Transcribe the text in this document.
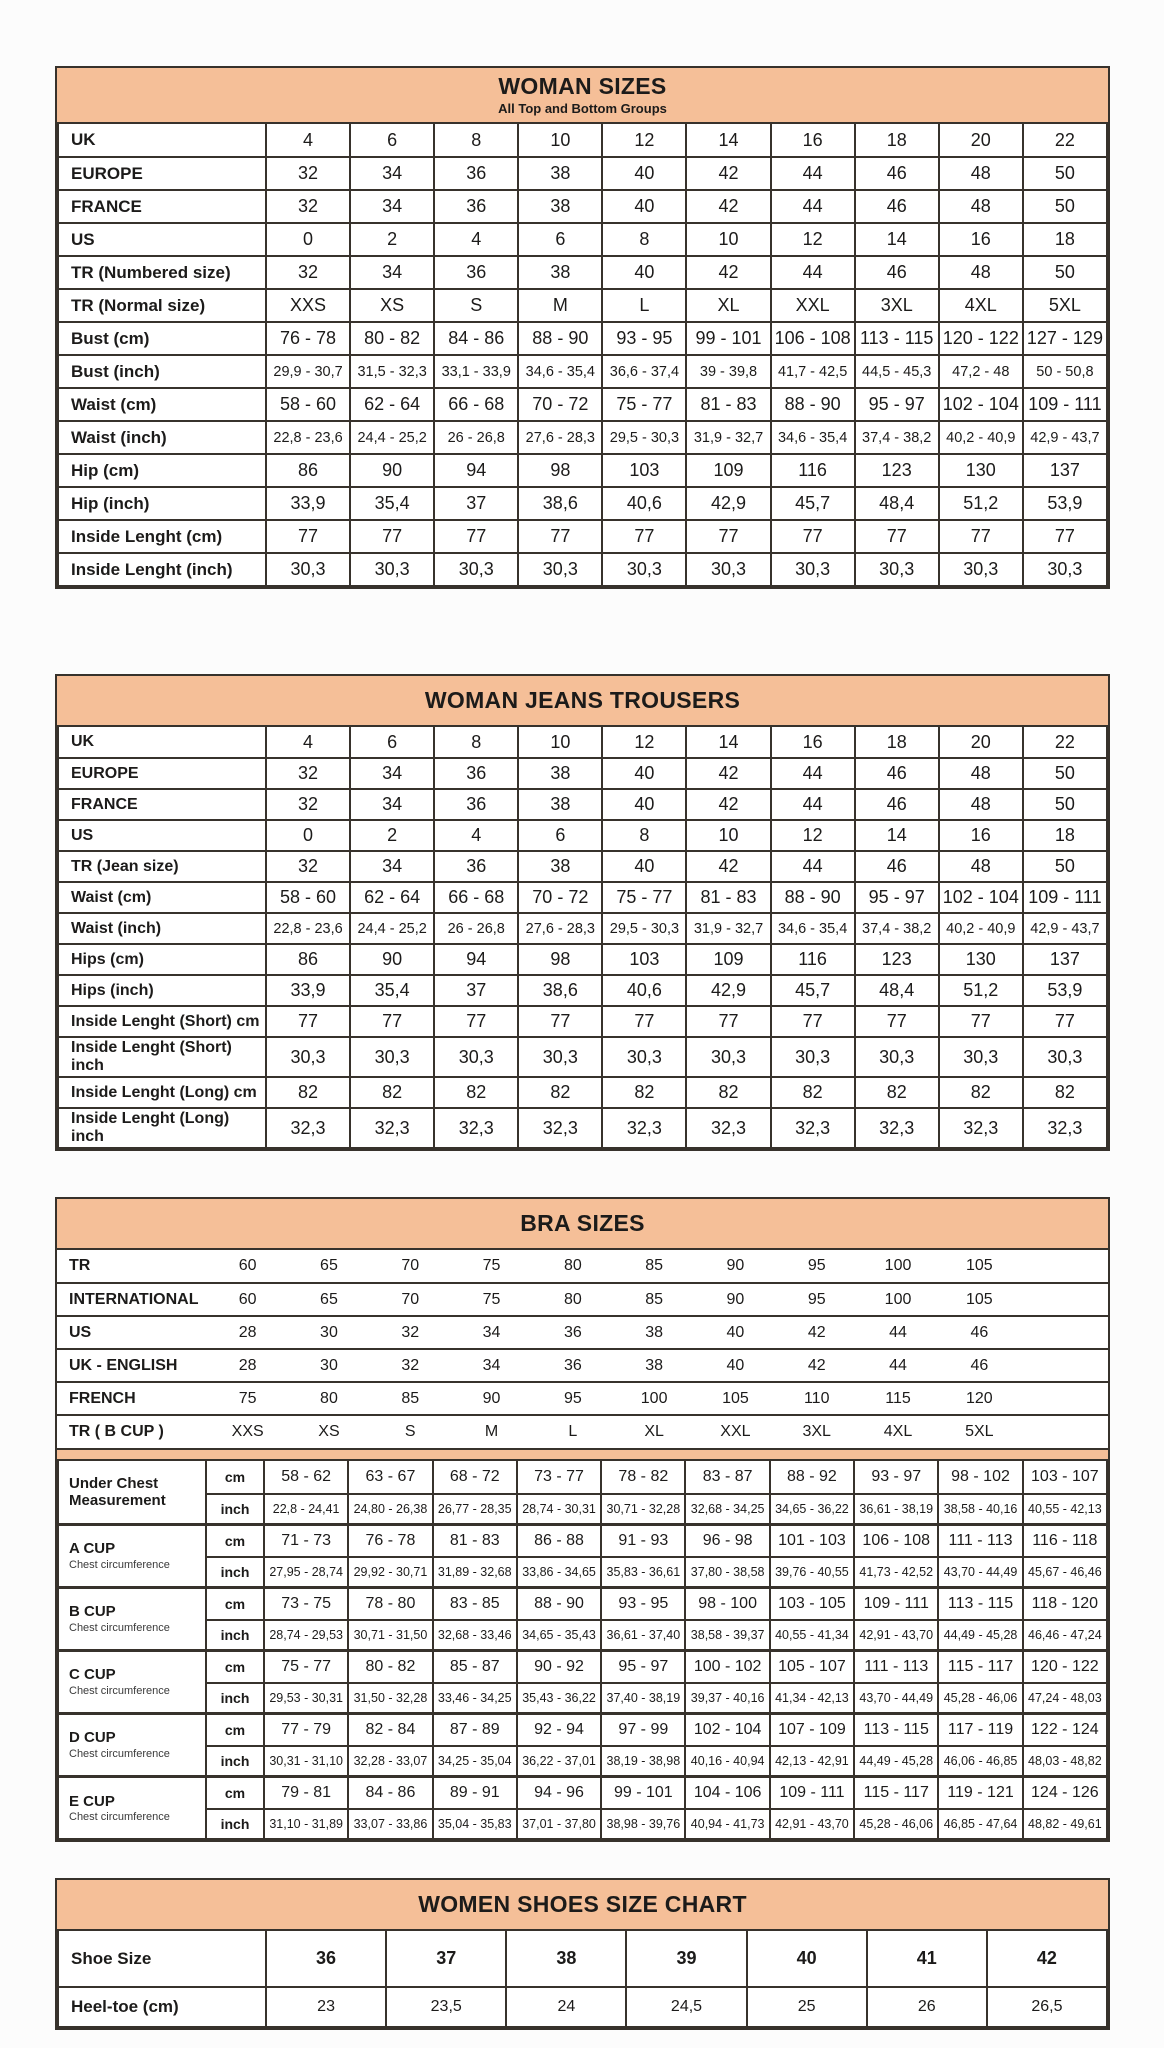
WOMAN SIZES
All Top and Bottom Groups
UK	4	6	8	10	12	14	16	18	20	22
EUROPE	32	34	36	38	40	42	44	46	48	50
FRANCE	32	34	36	38	40	42	44	46	48	50
US	0	2	4	6	8	10	12	14	16	18
TR (Numbered size)	32	34	36	38	40	42	44	46	48	50
TR (Normal size)	XXS	XS	S	M	L	XL	XXL	3XL	4XL	5XL
Bust (cm)	76 - 78	80 - 82	84 - 86	88 - 90	93 - 95	99 - 101	106 - 108	113 - 115	120 - 122	127 - 129
Bust (inch)	29,9 - 30,7	31,5 - 32,3	33,1 - 33,9	34,6 - 35,4	36,6 - 37,4	39 - 39,8	41,7 - 42,5	44,5 - 45,3	47,2 - 48	50 - 50,8
Waist (cm)	58 - 60	62 - 64	66 - 68	70 - 72	75 - 77	81 - 83	88 - 90	95 - 97	102 - 104	109 - 111
Waist (inch)	22,8 - 23,6	24,4 - 25,2	26 - 26,8	27,6 - 28,3	29,5 - 30,3	31,9 - 32,7	34,6 - 35,4	37,4 - 38,2	40,2 - 40,9	42,9 - 43,7
Hip (cm)	86	90	94	98	103	109	116	123	130	137
Hip (inch)	33,9	35,4	37	38,6	40,6	42,9	45,7	48,4	51,2	53,9
Inside Lenght (cm)	77	77	77	77	77	77	77	77	77	77
Inside Lenght (inch)	30,3	30,3	30,3	30,3	30,3	30,3	30,3	30,3	30,3	30,3
WOMAN JEANS TROUSERS
UK	4	6	8	10	12	14	16	18	20	22
EUROPE	32	34	36	38	40	42	44	46	48	50
FRANCE	32	34	36	38	40	42	44	46	48	50
US	0	2	4	6	8	10	12	14	16	18
TR (Jean size)	32	34	36	38	40	42	44	46	48	50
Waist (cm)	58 - 60	62 - 64	66 - 68	70 - 72	75 - 77	81 - 83	88 - 90	95 - 97	102 - 104	109 - 111
Waist (inch)	22,8 - 23,6	24,4 - 25,2	26 - 26,8	27,6 - 28,3	29,5 - 30,3	31,9 - 32,7	34,6 - 35,4	37,4 - 38,2	40,2 - 40,9	42,9 - 43,7
Hips (cm)	86	90	94	98	103	109	116	123	130	137
Hips (inch)	33,9	35,4	37	38,6	40,6	42,9	45,7	48,4	51,2	53,9
Inside Lenght (Short) cm	77	77	77	77	77	77	77	77	77	77
Inside Lenght (Short) inch	30,3	30,3	30,3	30,3	30,3	30,3	30,3	30,3	30,3	30,3
Inside Lenght (Long) cm	82	82	82	82	82	82	82	82	82	82
Inside Lenght (Long) inch	32,3	32,3	32,3	32,3	32,3	32,3	32,3	32,3	32,3	32,3
BRA SIZES
TR	60	65	70	75	80	85	90	95	100	105	
INTERNATIONAL	60	65	70	75	80	85	90	95	100	105	
US	28	30	32	34	36	38	40	42	44	46	
UK - ENGLISH	28	30	32	34	36	38	40	42	44	46	
FRENCH	75	80	85	90	95	100	105	110	115	120	
TR ( B CUP )	XXS	XS	S	M	L	XL	XXL	3XL	4XL	5XL	
Under Chest Measurement	cm	58 - 62	63 - 67	68 - 72	73 - 77	78 - 82	83 - 87	88 - 92	93 - 97	98 - 102	103 - 107
	inch	22,8 - 24,41	24,80 - 26,38	26,77 - 28,35	28,74 - 30,31	30,71 - 32,28	32,68 - 34,25	34,65 - 36,22	36,61 - 38,19	38,58 - 40,16	40,55 - 42,13

A CUP
Chest circumference	cm	71 - 73	76 - 78	81 - 83	86 - 88	91 - 93	96 - 98	101 - 103	106 - 108	111 - 113	116 - 118
	inch	27,95 - 28,74	29,92 - 30,71	31,89 - 32,68	33,86 - 34,65	35,83 - 36,61	37,80 - 38,58	39,76 - 40,55	41,73 - 42,52	43,70 - 44,49	45,67 - 46,46

B CUP
Chest circumference	cm	73 - 75	78 - 80	83 - 85	88 - 90	93 - 95	98 - 100	103 - 105	109 - 111	113 - 115	118 - 120
	inch	28,74 - 29,53	30,71 - 31,50	32,68 - 33,46	34,65 - 35,43	36,61 - 37,40	38,58 - 39,37	40,55 - 41,34	42,91 - 43,70	44,49 - 45,28	46,46 - 47,24

C CUP
Chest circumference	cm	75 - 77	80 - 82	85 - 87	90 - 92	95 - 97	100 - 102	105 - 107	111 - 113	115 - 117	120 - 122
	inch	29,53 - 30,31	31,50 - 32,28	33,46 - 34,25	35,43 - 36,22	37,40 - 38,19	39,37 - 40,16	41,34 - 42,13	43,70 - 44,49	45,28 - 46,06	47,24 - 48,03

D CUP
Chest circumference	cm	77 - 79	82 - 84	87 - 89	92 - 94	97 - 99	102 - 104	107 - 109	113 - 115	117 - 119	122 - 124
	inch	30,31 - 31,10	32,28 - 33,07	34,25 - 35,04	36,22 - 37,01	38,19 - 38,98	40,16 - 40,94	42,13 - 42,91	44,49 - 45,28	46,06 - 46,85	48,03 - 48,82

E CUP
Chest circumference	cm	79 - 81	84 - 86	89 - 91	94 - 96	99 - 101	104 - 106	109 - 111	115 - 117	119 - 121	124 - 126
	inch	31,10 - 31,89	33,07 - 33,86	35,04 - 35,83	37,01 - 37,80	38,98 - 39,76	40,94 - 41,73	42,91 - 43,70	45,28 - 46,06	46,85 - 47,64	48,82 - 49,61
WOMEN SHOES SIZE CHART
Shoe Size	36	37	38	39	40	41	42
Heel-toe (cm)	23	23,5	24	24,5	25	26	26,5
